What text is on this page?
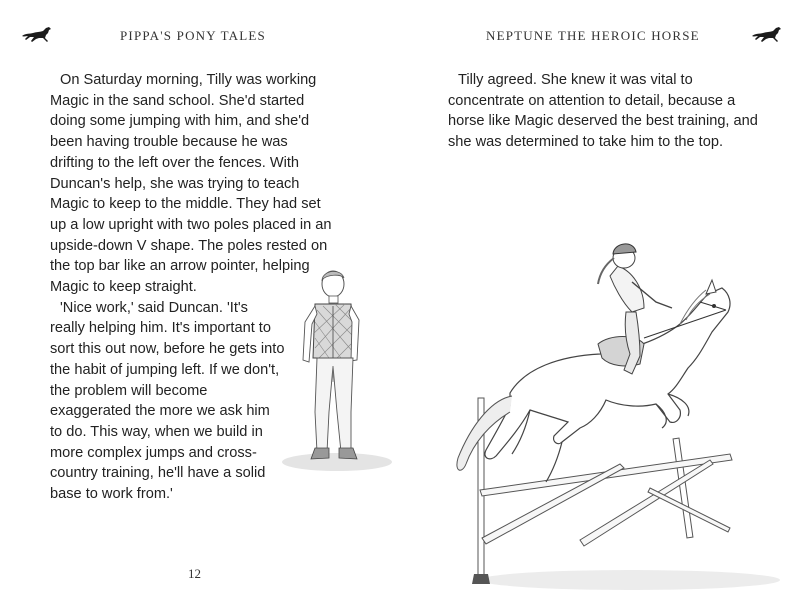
PIPPA'S PONY TALES

On Saturday morning, Tilly was working Magic in the sand school. She'd started doing some jumping with him, and she'd been having trouble because he was drifting to the left over the fences. With Duncan's help, she was trying to teach Magic to keep to the middle. They had set up a low upright with two poles placed in an upside-down V shape. The poles rested on the top bar like an arrow pointer, helping Magic to keep straight.

'Nice work,' said Duncan. 'It's really helping him. It's important to sort this out now, before he gets into the habit of jumping left. If we don't, the problem will become exaggerated the more we ask him to do. This way, when we build in more complex jumps and cross-country training, he'll have a solid base to work from.'

12
NEPTUNE THE HEROIC HORSE

Tilly agreed. She knew it was vital to concentrate on attention to detail, because a horse like Magic deserved the best training, and she was determined to take him to the top.
